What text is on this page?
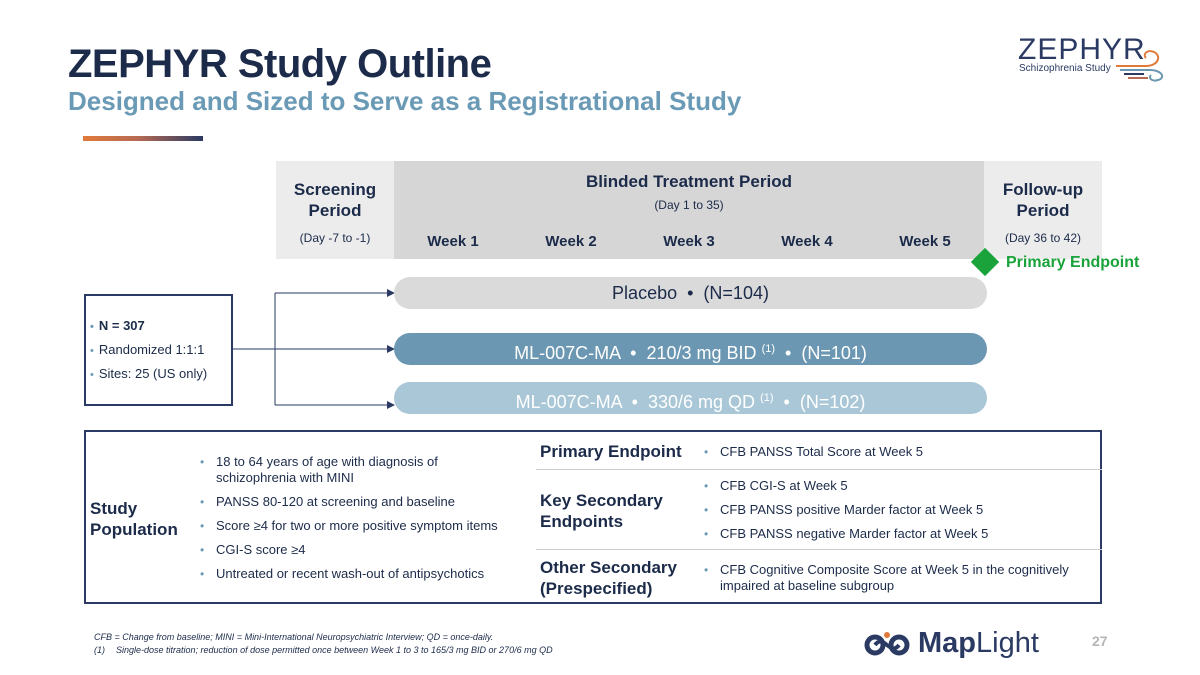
ZEPHYR Study Outline
Designed and Sized to Serve as a Registrational Study
ZEPHYR
Schizophrenia Study
Screening Period
(Day -7 to -1)
Blinded Treatment Period
(Day 1 to 35)
Week 1	Week 2	Week 3	Week 4	Week 5
Follow-up Period
(Day 36 to 42)
Primary Endpoint
Placebo  •  (N=104)
ML-007C-MA  •  210/3 mg BID $^{(1)}$  •  (N=101)
ML-007C-MA  •  330/6 mg QD $^{(1)}$  •  (N=102)
• N = 307
• Randomized 1:1:1
• Sites: 25 (US only)
Study Population
• 18 to 64 years of age with diagnosis of schizophrenia with MINI
• PANSS 80-120 at screening and baseline
• Score ≥4 for two or more positive symptom items
• CGI-S score ≥4
• Untreated or recent wash-out of antipsychotics
Primary Endpoint
•	CFB PANSS Total Score at Week 5
Key Secondary Endpoints
• CFB CGI-S at Week 5
• CFB PANSS positive Marder factor at Week 5
• CFB PANSS negative Marder factor at Week 5
Other Secondary (Prespecified)
• CFB Cognitive Composite Score at Week 5 in the cognitively impaired at baseline subgroup
CFB = Change from baseline; MINI = Mini-International Neuropsychiatric Interview; QD = once-daily.
(1) Single-dose titration; reduction of dose permitted once between Week 1 to 3 to 165/3 mg BID or 270/6 mg QD	MapLight	27
